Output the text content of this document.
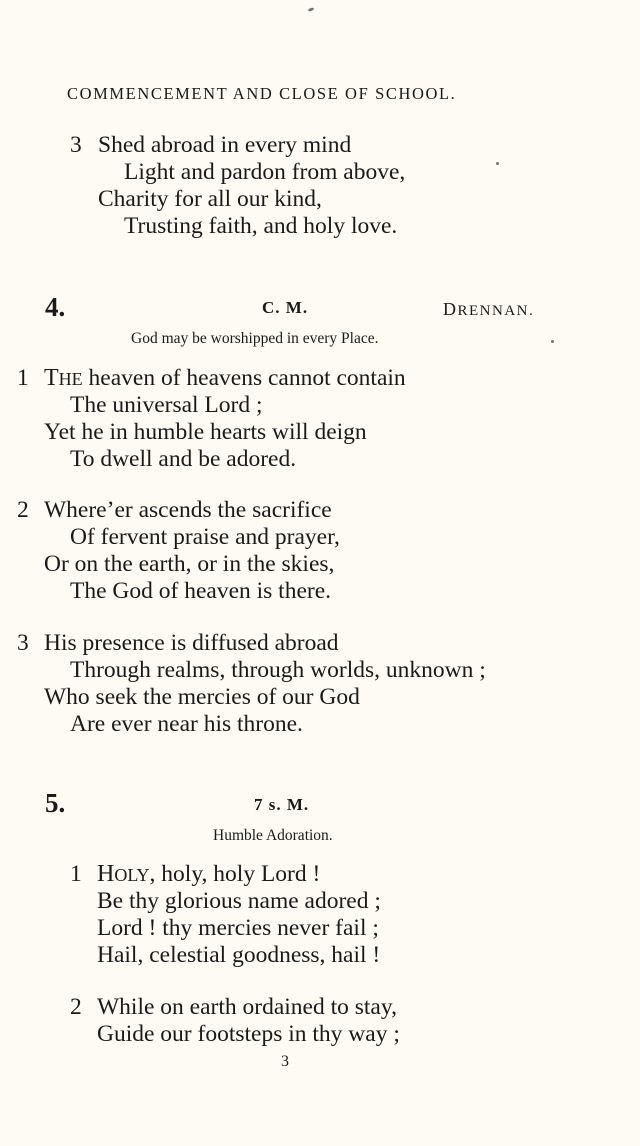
COMMENCEMENT AND CLOSE OF SCHOOL.
3 Shed abroad in every mind
Light and pardon from above,
Charity for all our kind,
Trusting faith, and holy love.
4.	C. M.	DRENNAN.
God may be worshipped in every Place.
1 THE heaven of heavens cannot contain
The universal Lord ;
Yet he in humble hearts will deign
To dwell and be adored.
2 Where’er ascends the sacrifice
Of fervent praise and prayer,
Or on the earth, or in the skies,
The God of heaven is there.
3 His presence is diffused abroad
Through realms, through worlds, unknown ;
Who seek the mercies of our God
Are ever near his throne.
5.	7 s. M.
Humble Adoration.
1 HOLY, holy, holy Lord !
Be thy glorious name adored ;
Lord ! thy mercies never fail ;
Hail, celestial goodness, hail !
2 While on earth ordained to stay,
Guide our footsteps in thy way ;
3
